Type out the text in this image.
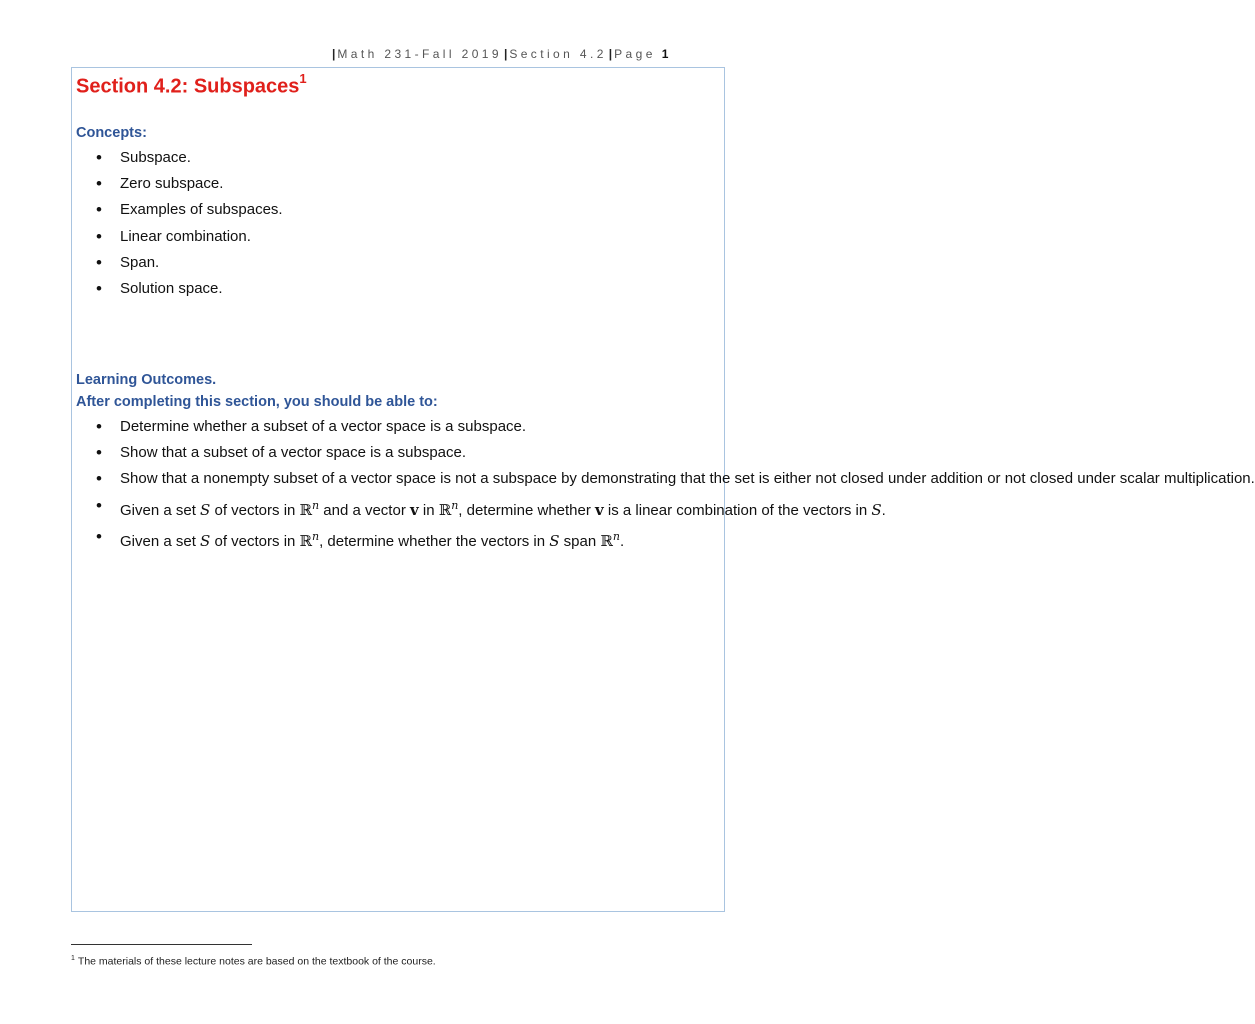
| Math 231-Fall 2019 | Section 4.2 | Page 1
Section 4.2: Subspaces$^1$
Concepts:
• Subspace.
• Zero subspace.
• Examples of subspaces.
• Linear combination.
• Span.
• Solution space.
Learning Outcomes.
After completing this section, you should be able to:
• Determine whether a subset of a vector space is a subspace.
• Show that a subset of a vector space is a subspace.
• Show that a nonempty subset of a vector space is not a subspace by demonstrating that the set is either not closed under addition or not closed under scalar multiplication.
• Given a set S of vectors in ℝ$^n$ and a vector v in ℝ$^n$, determine whether v is a linear combination of the vectors in S.
• Given a set S of vectors in ℝ$^n$, determine whether the vectors in S span ℝ$^n$.
$^1$ The materials of these lecture notes are based on the textbook of the course.
